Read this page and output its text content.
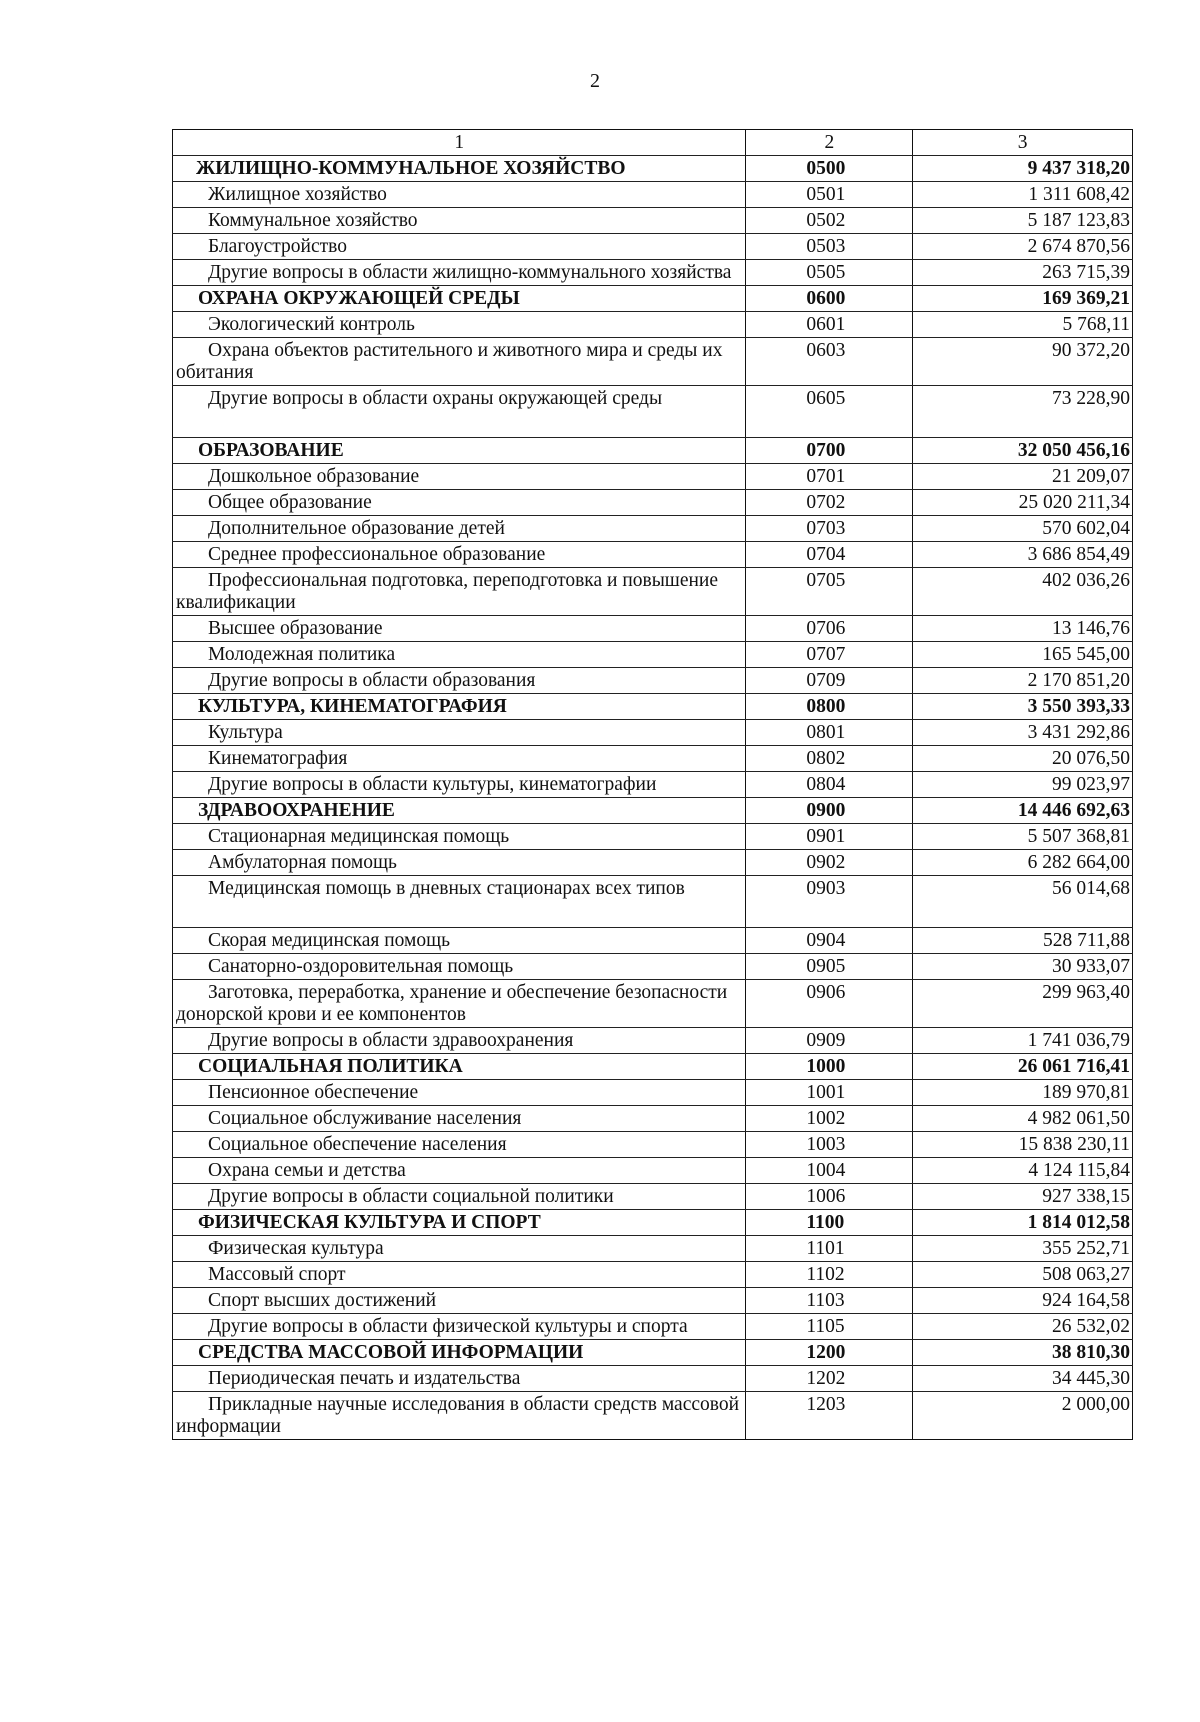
2
1	2	3
ЖИЛИЩНО-КОММУНАЛЬНОЕ ХОЗЯЙСТВО	0500	9 437 318,20
Жилищное хозяйство	0501	1 311 608,42
Коммунальное хозяйство	0502	5 187 123,83
Благоустройство	0503	2 674 870,56
Другие вопросы в области жилищно-коммунального хозяйства	0505	263 715,39
ОХРАНА ОКРУЖАЮЩЕЙ СРЕДЫ	0600	169 369,21
Экологический контроль	0601	5 768,11
Охрана объектов растительного и животного мира и среды их обитания	0603	90 372,20
Другие вопросы в области охраны окружающей среды	0605	73 228,90
ОБРАЗОВАНИЕ	0700	32 050 456,16
Дошкольное образование	0701	21 209,07
Общее образование	0702	25 020 211,34
Дополнительное образование детей	0703	570 602,04
Среднее профессиональное образование	0704	3 686 854,49
Профессиональная подготовка, переподготовка и повышение квалификации	0705	402 036,26
Высшее образование	0706	13 146,76
Молодежная политика	0707	165 545,00
Другие вопросы в области образования	0709	2 170 851,20
КУЛЬТУРА, КИНЕМАТОГРАФИЯ	0800	3 550 393,33
Культура	0801	3 431 292,86
Кинематография	0802	20 076,50
Другие вопросы в области культуры, кинематографии	0804	99 023,97
ЗДРАВООХРАНЕНИЕ	0900	14 446 692,63
Стационарная медицинская помощь	0901	5 507 368,81
Амбулаторная помощь	0902	6 282 664,00
Медицинская помощь в дневных стационарах всех типов	0903	56 014,68
Скорая медицинская помощь	0904	528 711,88
Санаторно-оздоровительная помощь	0905	30 933,07
Заготовка, переработка, хранение и обеспечение безопасности донорской крови и ее компонентов	0906	299 963,40
Другие вопросы в области здравоохранения	0909	1 741 036,79
СОЦИАЛЬНАЯ ПОЛИТИКА	1000	26 061 716,41
Пенсионное обеспечение	1001	189 970,81
Социальное обслуживание населения	1002	4 982 061,50
Социальное обеспечение населения	1003	15 838 230,11
Охрана семьи и детства	1004	4 124 115,84
Другие вопросы в области социальной политики	1006	927 338,15
ФИЗИЧЕСКАЯ КУЛЬТУРА И СПОРТ	1100	1 814 012,58
Физическая культура	1101	355 252,71
Массовый спорт	1102	508 063,27
Спорт высших достижений	1103	924 164,58
Другие вопросы в области физической культуры и спорта	1105	26 532,02
СРЕДСТВА МАССОВОЙ ИНФОРМАЦИИ	1200	38 810,30
Периодическая печать и издательства	1202	34 445,30
Прикладные научные исследования в области средств массовой информации	1203	2 000,00
